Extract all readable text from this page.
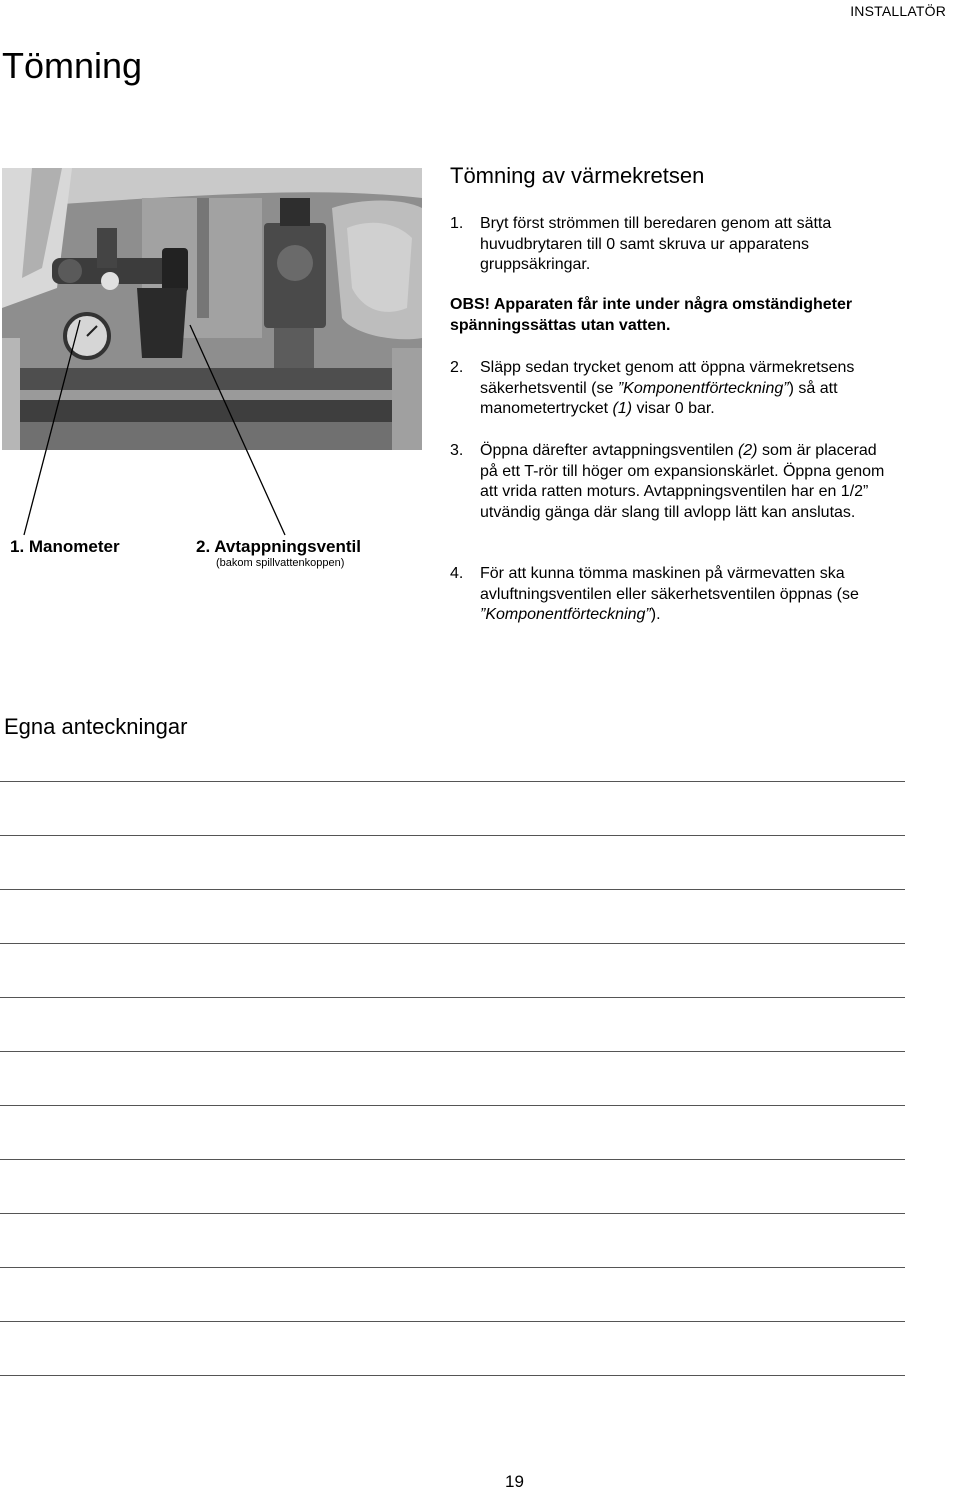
INSTALLATÖR
Tömning
1. Manometer	2. Avtappningsventil
(bakom spillvattenkoppen)
Tömning av värmekretsen
1. Bryt först strömmen till beredaren genom att sätta huvudbrytaren till 0 samt skruva ur apparatens gruppsäkringar.
OBS! Apparaten får inte under några omständigheter spänningssättas utan vatten.
2. Släpp sedan trycket genom att öppna värmekretsens säkerhetsventil (se ”Komponentförteckning”) så att manometertrycket (1) visar 0 bar.
3. Öppna därefter avtappningsventilen (2) som är placerad på ett T-rör till höger om expansionskärlet. Öppna genom att vrida ratten moturs. Avtappningsventilen har en 1/2” utvändig gänga där slang till avlopp lätt kan anslutas.
4. För att kunna tömma maskinen på värmevatten ska avluftningsventilen eller säkerhetsventilen öppnas (se ”Komponentförteckning”).
Egna anteckningar
19
